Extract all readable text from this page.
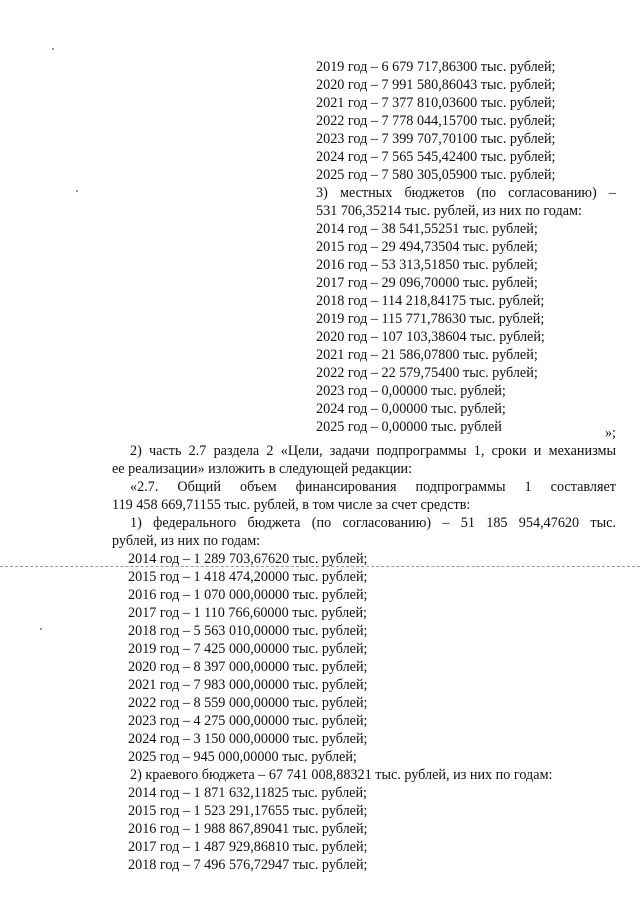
2019 год – 6 679 717,86300 тыс. рублей;
2020 год – 7 991 580,86043 тыс. рублей;
2021 год – 7 377 810,03600 тыс. рублей;
2022 год – 7 778 044,15700 тыс. рублей;
2023 год – 7 399 707,70100 тыс. рублей;
2024 год – 7 565 545,42400 тыс. рублей;
2025 год – 7 580 305,05900 тыс. рублей;
3) местных бюджетов (по согласованию) –
531 706,35214 тыс. рублей, из них по годам:
2014 год – 38 541,55251 тыс. рублей;
2015 год – 29 494,73504 тыс. рублей;
2016 год – 53 313,51850 тыс. рублей;
2017 год – 29 096,70000 тыс. рублей;
2018 год – 114 218,84175 тыс. рублей;
2019 год – 115 771,78630 тыс. рублей;
2020 год – 107 103,38604 тыс. рублей;
2021 год – 21 586,07800 тыс. рублей;
2022 год – 22 579,75400 тыс. рублей;
2023 год – 0,00000 тыс. рублей;
2024 год – 0,00000 тыс. рублей;
2025 год – 0,00000 тыс. рублей	»;
2) часть 2.7 раздела 2 «Цели, задачи подпрограммы 1, сроки и механизмы
ее реализации» изложить в следующей редакции:
«2.7. Общий объем финансирования подпрограммы 1 составляет
119 458 669,71155 тыс. рублей, в том числе за счет средств:
1) федерального бюджета (по согласованию) – 51 185 954,47620 тыс.
рублей, из них по годам:
2014 год – 1 289 703,67620 тыс. рублей;
2015 год – 1 418 474,20000 тыс. рублей;
2016 год – 1 070 000,00000 тыс. рублей;
2017 год – 1 110 766,60000 тыс. рублей;
2018 год – 5 563 010,00000 тыс. рублей;
2019 год – 7 425 000,00000 тыс. рублей;
2020 год – 8 397 000,00000 тыс. рублей;
2021 год – 7 983 000,00000 тыс. рублей;
2022 год – 8 559 000,00000 тыс. рублей;
2023 год – 4 275 000,00000 тыс. рублей;
2024 год – 3 150 000,00000 тыс. рублей;
2025 год – 945 000,00000 тыс. рублей;
2) краевого бюджета – 67 741 008,88321 тыс. рублей, из них по годам:
2014 год – 1 871 632,11825 тыс. рублей;
2015 год – 1 523 291,17655 тыс. рублей;
2016 год – 1 988 867,89041 тыс. рублей;
2017 год – 1 487 929,86810 тыс. рублей;
2018 год – 7 496 576,72947 тыс. рублей;
